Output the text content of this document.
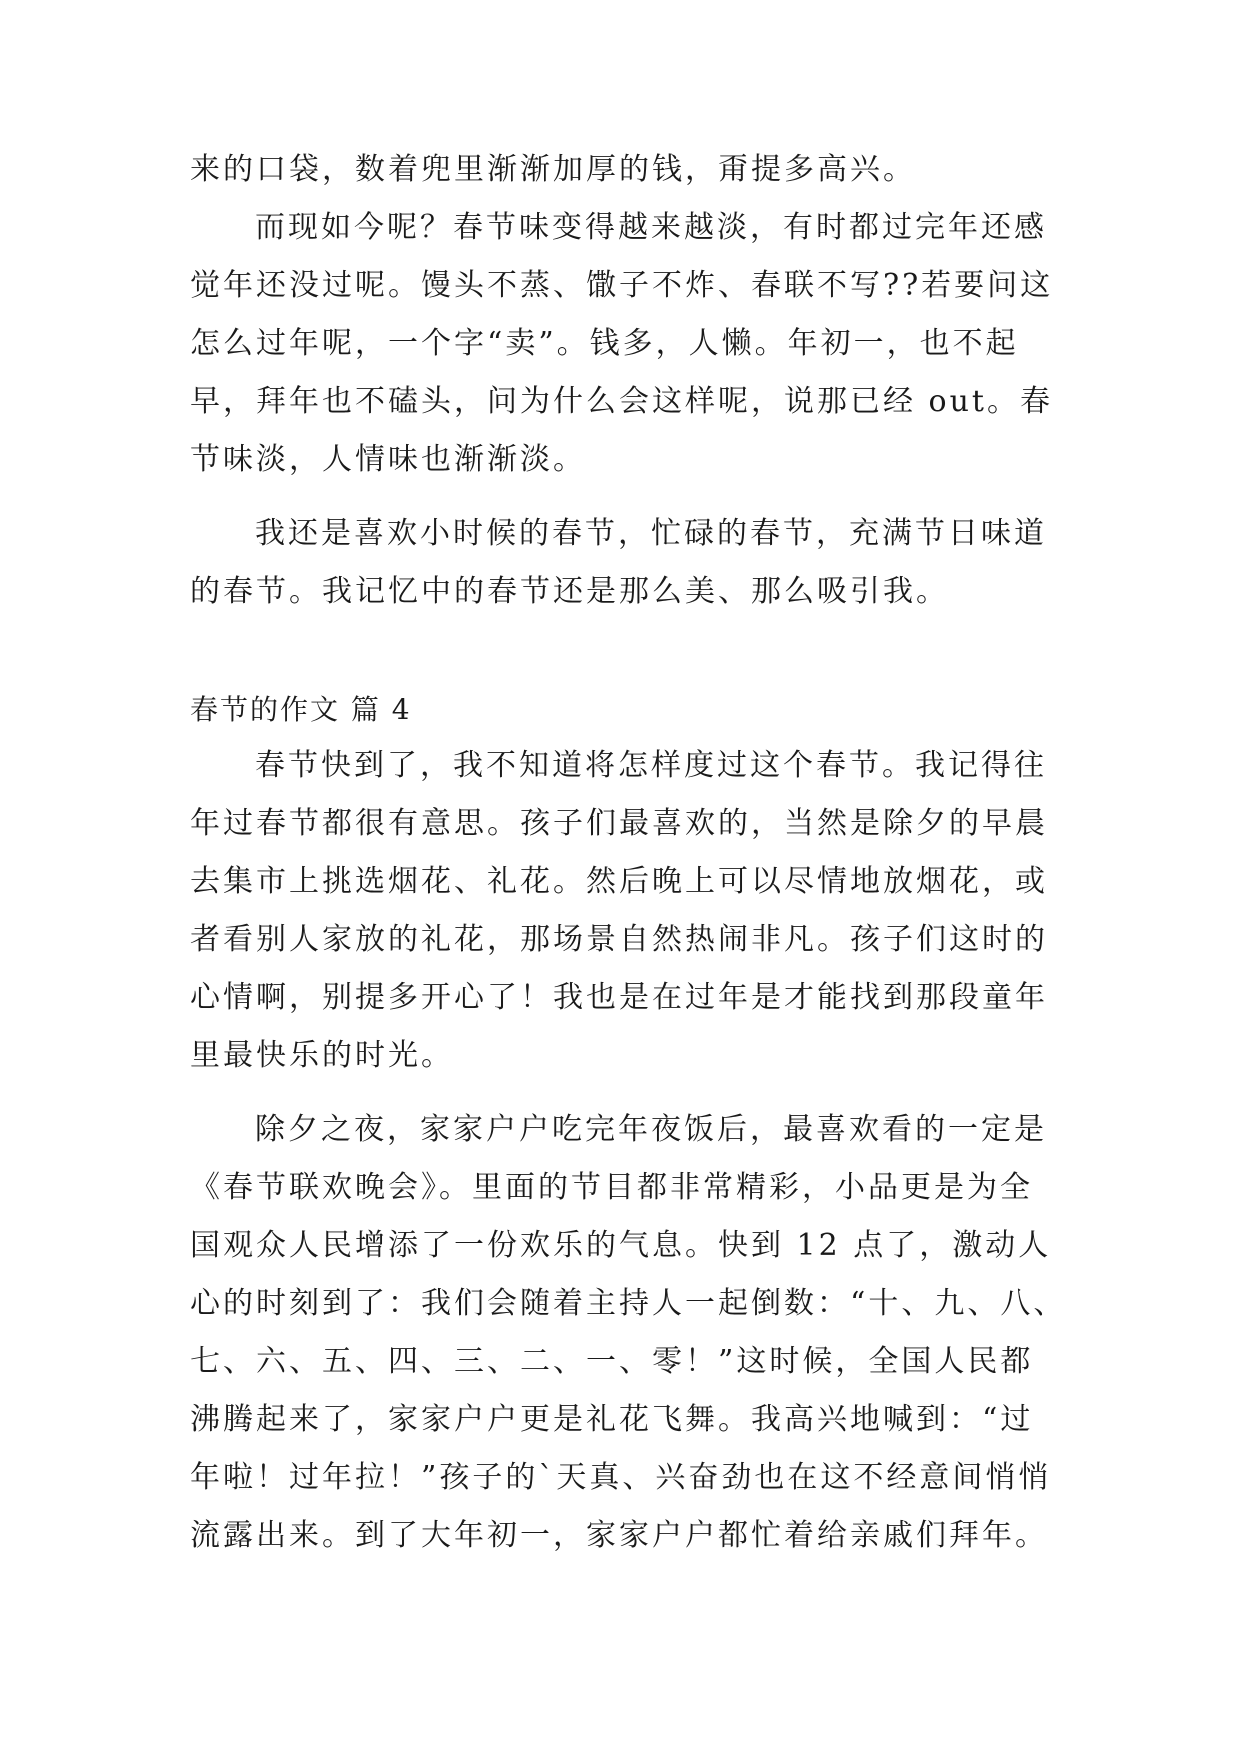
来的口袋，数着兜里渐渐加厚的钱，甭提多高兴。
而现如今呢？春节味变得越来越淡，有时都过完年还感
觉年还没过呢。馒头不蒸、馓子不炸、春联不写??若要问这
怎么过年呢，一个字“卖”。钱多，人懒。年初一，也不起
早，拜年也不磕头，问为什么会这样呢，说那已经 out。春
节味淡，人情味也渐渐淡。
我还是喜欢小时候的春节，忙碌的春节，充满节日味道
的春节。我记忆中的春节还是那么美、那么吸引我。
春节的作文 篇 4
春节快到了，我不知道将怎样度过这个春节。我记得往
年过春节都很有意思。孩子们最喜欢的，当然是除夕的早晨
去集市上挑选烟花、礼花。然后晚上可以尽情地放烟花，或
者看别人家放的礼花，那场景自然热闹非凡。孩子们这时的
心情啊，别提多开心了！我也是在过年是才能找到那段童年
里最快乐的时光。
除夕之夜，家家户户吃完年夜饭后，最喜欢看的一定是
《春节联欢晚会》。里面的节目都非常精彩，小品更是为全
国观众人民增添了一份欢乐的气息。快到 12 点了，激动人
心的时刻到了：我们会随着主持人一起倒数：“十、九、八、
七、六、五、四、三、二、一、零！”这时候，全国人民都
沸腾起来了，家家户户更是礼花飞舞。我高兴地喊到：“过
年啦！过年拉！”孩子的`天真、兴奋劲也在这不经意间悄悄
流露出来。到了大年初一，家家户户都忙着给亲戚们拜年。
